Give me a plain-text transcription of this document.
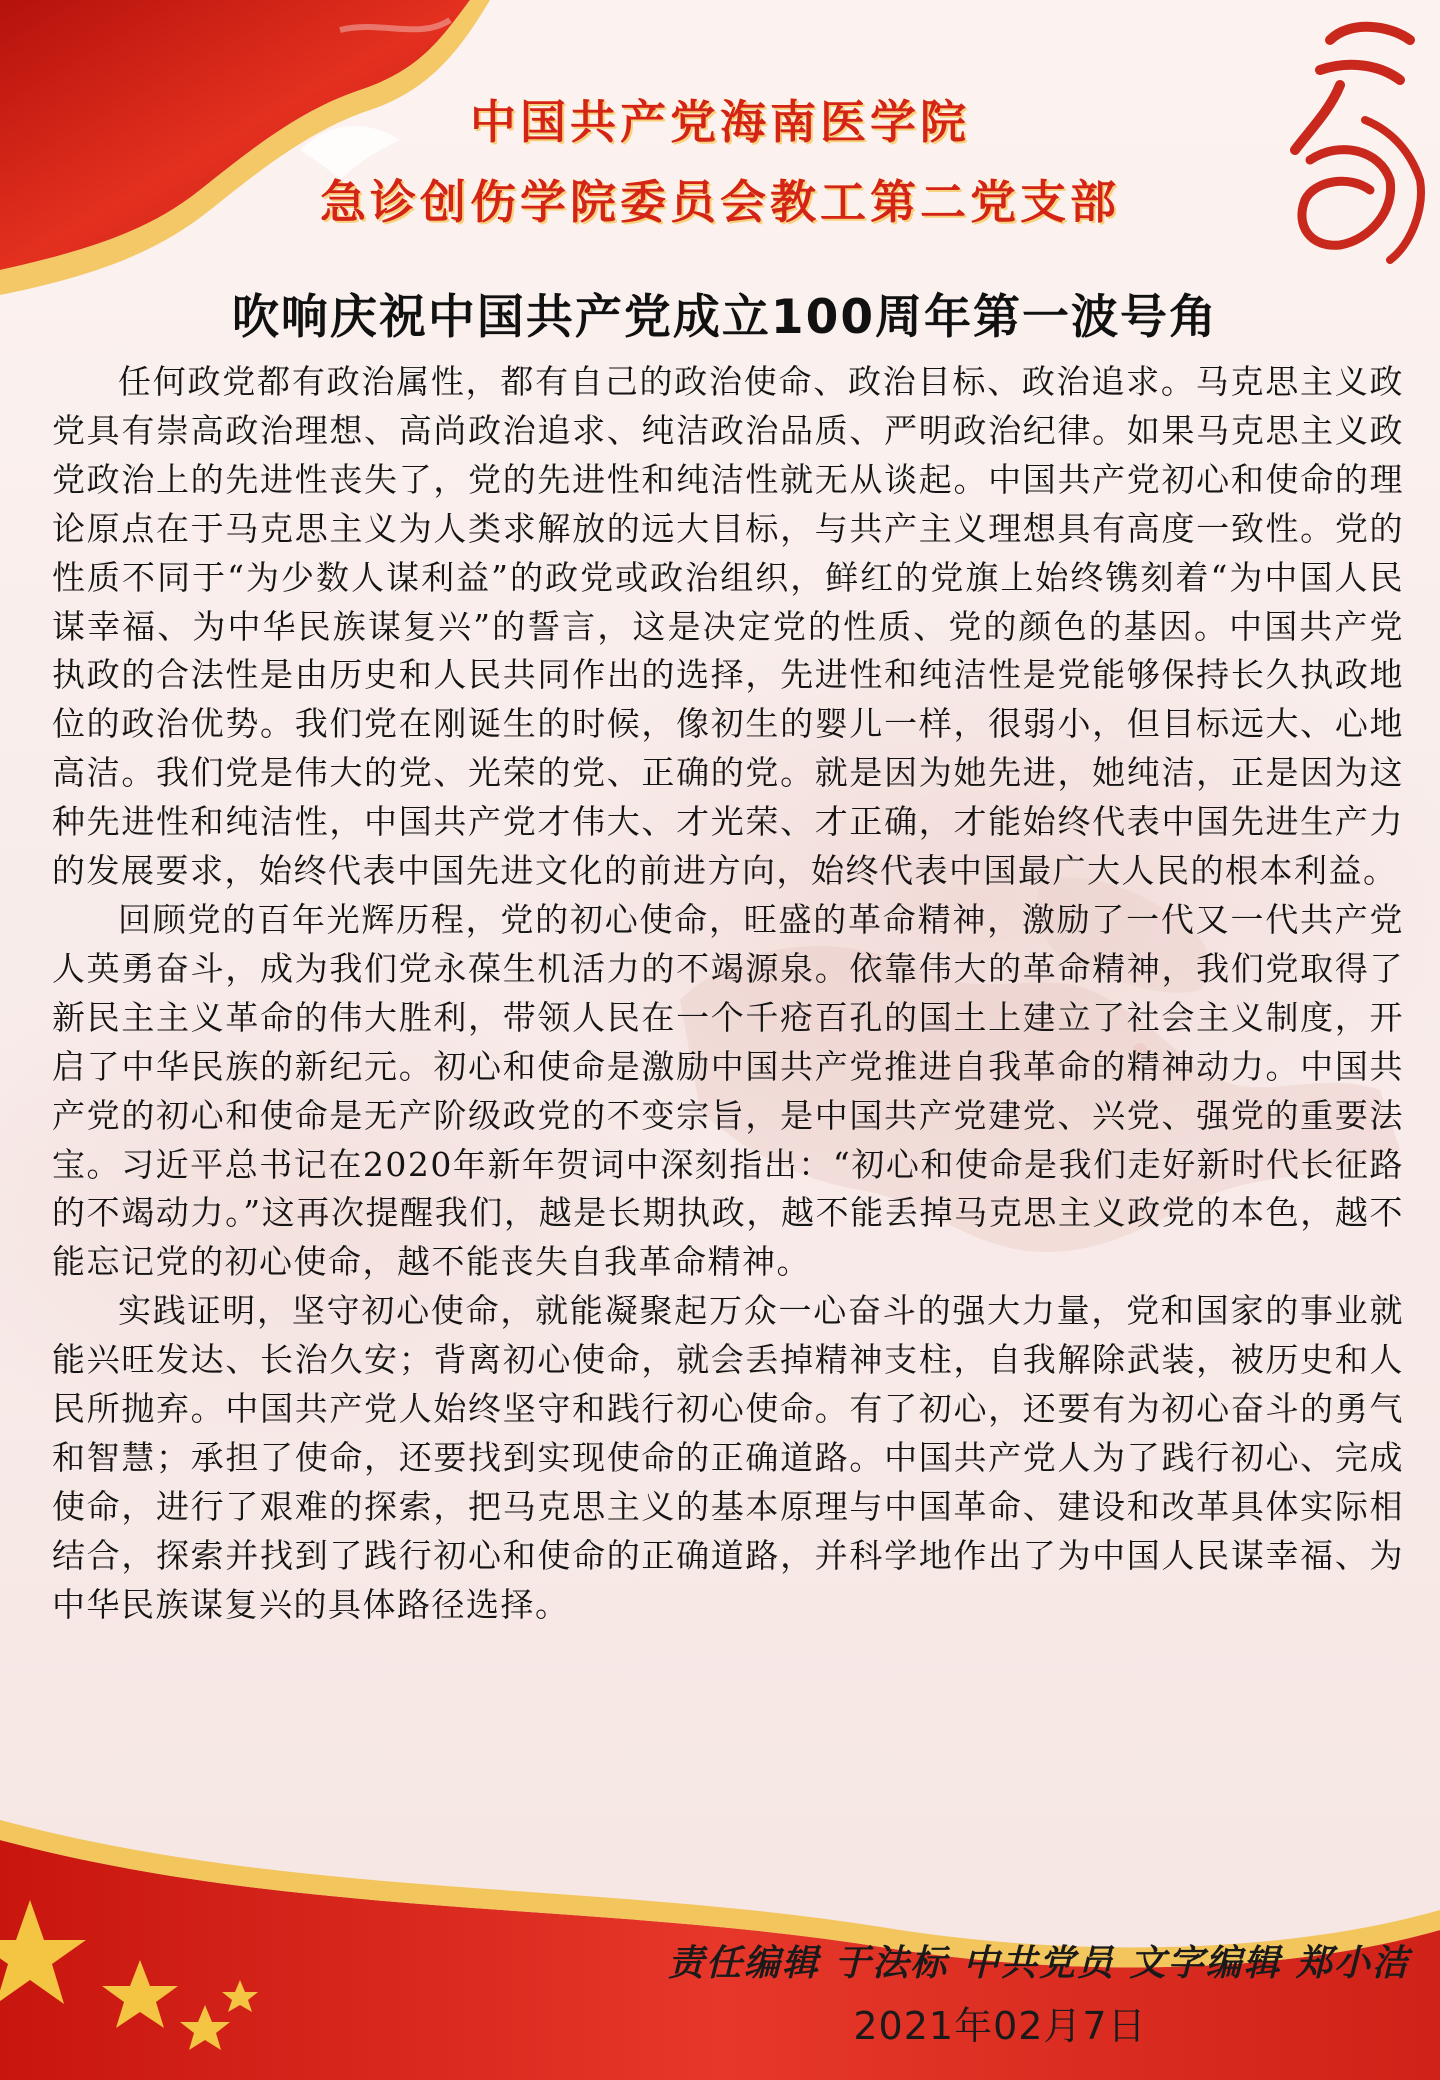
中国共产党海南医学院
急诊创伤学院委员会教工第二党支部
吹响庆祝中国共产党成立100周年第一波号角

任何政党都有政治属性，都有自己的政治使命、政治目标、政治追求。马克思主义政党具有崇高政治理想、高尚政治追求、纯洁政治品质、严明政治纪律。如果马克思主义政党政治上的先进性丧失了，党的先进性和纯洁性就无从谈起。中国共产党初心和使命的理论原点在于马克思主义为人类求解放的远大目标，与共产主义理想具有高度一致性。党的性质不同于“为少数人谋利益”的政党或政治组织，鲜红的党旗上始终镌刻着“为中国人民谋幸福、为中华民族谋复兴”的誓言，这是决定党的性质、党的颜色的基因。中国共产党执政的合法性是由历史和人民共同作出的选择，先进性和纯洁性是党能够保持长久执政地位的政治优势。我们党在刚诞生的时候，像初生的婴儿一样，很弱小，但目标远大、心地高洁。我们党是伟大的党、光荣的党、正确的党。就是因为她先进，她纯洁，正是因为这种先进性和纯洁性，中国共产党才伟大、才光荣、才正确，才能始终代表中国先进生产力的发展要求，始终代表中国先进文化的前进方向，始终代表中国最广大人民的根本利益。

回顾党的百年光辉历程，党的初心使命，旺盛的革命精神，激励了一代又一代共产党人英勇奋斗，成为我们党永葆生机活力的不竭源泉。依靠伟大的革命精神，我们党取得了新民主主义革命的伟大胜利，带领人民在一个千疮百孔的国土上建立了社会主义制度，开启了中华民族的新纪元。初心和使命是激励中国共产党推进自我革命的精神动力。中国共产党的初心和使命是无产阶级政党的不变宗旨，是中国共产党建党、兴党、强党的重要法宝。习近平总书记在2020年新年贺词中深刻指出：“初心和使命是我们走好新时代长征路的不竭动力。”这再次提醒我们，越是长期执政，越不能丢掉马克思主义政党的本色，越不能忘记党的初心使命，越不能丧失自我革命精神。

实践证明，坚守初心使命，就能凝聚起万众一心奋斗的强大力量，党和国家的事业就能兴旺发达、长治久安；背离初心使命，就会丢掉精神支柱，自我解除武装，被历史和人民所抛弃。中国共产党人始终坚守和践行初心使命。有了初心，还要有为初心奋斗的勇气和智慧；承担了使命，还要找到实现使命的正确道路。中国共产党人为了践行初心、完成使命，进行了艰难的探索，把马克思主义的基本原理与中国革命、建设和改革具体实际相结合，探索并找到了践行初心和使命的正确道路，并科学地作出了为中国人民谋幸福、为中华民族谋复兴的具体路径选择。

责任编辑 于法标 中共党员 文字编辑 郑小洁
2021年02月7日
